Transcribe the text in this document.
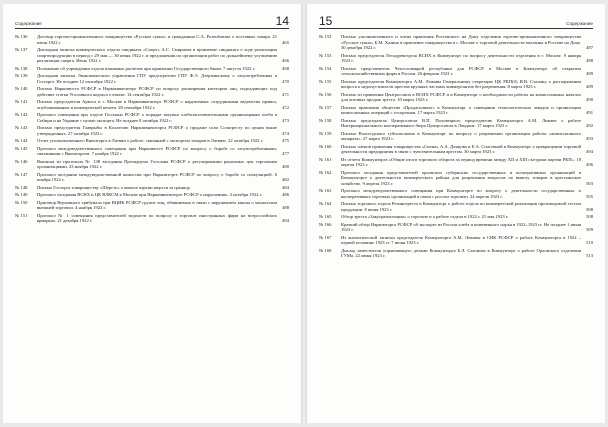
Содержание	14
№ 136	Договор торгово-промышленного товарищества «Русское сукно» и гражданина С.А. Розенблюма о поставках товара. 21 июля 1922 г.	465
№ 137	Докладная записка коммерческого отдела синдиката «Спорт» А.С. Смирнова в правление синдиката о ходе реализации спиртопродукции в период с 29 мая — 30 июня 1922 г. и предложения по организации работ по дальнейшему улучшению реализации спирта. Июль 1922 г.	466
№ 138	Положение об учреждении отдела взаимных расчетов при правлении Государственного банка. 7 августа 1922 г.	468
№ 139	Докладная записка Экономического управления ГПУ председателю ГПУ Ф.Э. Дзержинскому о злоупотреблениях в Госторге. Не позднее 12 сентября 1922 г.	470
№ 140	Письмо Наркомюста РСФСР в Наркомвнешторг РСФСР по вопросу расширения категории лиц, подпадающих под действие статьи Уголовного кодекса о взятке. 14 сентября 1922 г.	471
№ 141	Письмо председателя Аркоса в г. Москве в Наркомвнешторг РСФСР о нарушениях сотрудниками ведомства правил, опубликованных в коммерческой печати. 28 сентября 1922 г.	472
№ 142	Протокол совещания при отделе Госплана РСФСР о порядке закупки хлебозаготовительными организациями хлеба в Сибири и на Украине с целью экспорта. Не позднее 8 октября 1922 г.	473
№ 143	Письмо председателя Главрыбы в Коллегию Наркомвнешторга РСФСР о продаже соли Сольтресту по ценам выше утвержденных. 27 октября 1922 г.	474
№ 144	Отчет уполномоченного Внешторга в Латвии о работе, связанной с экспортом товаров в Латвию. 22 октября 1922 г.	475
№ 145	Протокол междуведомственного совещания при Наркомюсте РСФСР по вопросу о борьбе со злоупотреблениями, связанными с Внешторгом. 7 ноября 1922 г.	477
№ 146	Выписка из протокола № 138 заседания Президиума Госплана РСФСР о регулировании рыночных цен торговыми организациями. 23 ноября 1922 г.	480
№ 147	Протокол заседания междуведомственной комиссии при Наркомторге РСФСР по вопросу о борьбе со спекуляцией. 6 ноября 1922 г.	482
№ 148	Письмо Госторга товариществу «Шерсть» о вывозе партии шерсти за границу.	484
№ 149	Протокол заседания ВСНХ и ЦК ВЛКСМ в Москве при Наркомвнешторге РСФСР о нарушениях. 4 октября 1922 г.	486
№ 150	Приговор Верховного трибунала при ВЦИК РСФСР группе лиц, обвиняемых в связи с нарушением закона о монополии внешней торговли. 4 ноября 1922 г.	488
№ 151	Протокол № 1 совещания представителей ведомств по вопросу о торговле иностранных фирм на всероссийских ярмарках. 21 декабря 1922 г.	494
15	Содержание
№ 152	Письмо уполномоченного и члена правления Ростовского на Дону отделения торгово-промышленного товарищества «Русское сукно» Б.М. Хазина в правление товарищества в г. Москве о торговой деятельности магазина в Ростове на Дону. 30 декабря 1922 г.	487
№ 153	Письмо председателя Лесодревотдела ВСНХ в Коммунторг по вопросу деятельности отделения в г. Москве. 9 января 1923 г.	488
№ 154	Письмо представителя Чехословацкой республики для РСФСР в Москве в Коммунторг об открытии сельскохозяйственных фирм в России. 26 февраля 1923 г.	489
№ 155	Письмо председателя Коммунторга А.М. Лежавы Генеральному секретарю ЦК РКП(б) И.В. Сталину о распоряжении вопроса о недопустимости арестов крупных частных коммерсантов без разрешения. 8 марта 1923 г.	489
№ 156	Письмо из правления Центросоюза в ВСНХ РСФСР и в Коммунторг о необходимости работы на комиссионных началах для оптовых продаж треста. 10 марта 1923 г.	490
№ 157	Письмо правления общества «Продасиликат» в Коммунторг о совещании технологических заводов и организации комиссионных операций с госорганов. 17 марта 1923 г.	491
№ 158	Письмо председателя Центросоюза В.П. Половецкого председателю Коммунторга А.М. Лежаве о работе Интернационального кооперативного бюро Центросоюза в Лондоне. 17 марта 1923 г.	492
№ 159	Письмо Вологодского губисполкома в Коммунторг по вопросу о разрешении организации работы «комиссионного аппарата». 27 марта 1923 г.	493
№ 160	Письмо членов правления товарищества «Сигма» А.А. Донцова и Е.А. Спастиной в Коммунторг о прекращении торговой деятельности предприятия в связи с чувствительным арестом. 30 марта 1923 г.	494
№ 161	Из отчета Коммунторга «Общие итоги торгового оборота за период времени между XII и XIII съездами партии РКП». 18 апреля 1923 г.	496
№ 162	Протокол заседания представителей орловских губернских государственных и кооперативных организаций в Коммунторге о деятельности коммерческого района для разрешения вопросов по вывозу товаров в крестьянское хозяйство. 9 апреля 1923 г.	503
№ 163	Протокол междуведомственного совещания при Коммунторге по вопросу о деятельности государственных и кооперативных торговых организаций в связи с ростом торговли. 24 апреля 1923 г.	505
№ 164	Письмо торгового отдела Резинотреста в Коммунторг о работе отдела по коммерческой реализации производимой тестом продукции. 8 июня 1923 г.	508
№ 165	Обзор треста «Закупреализации» о торговле и о работе отдела в 1922 г. 21 мая 1923 г.	508
№ 166	Краткий обзор Наркомторга РСФСР об экспорте из России хлеба и кожевенного сырья в 1922–1923 гг. Не позднее 1 июня 1923 г.	509
№ 167	Из аналитической записки председателя Коммунторга А.М. Лежавы в СНК РСФСР о работе Коммунторга в 1922 – первой половине 1923 гг. 7 июня 1923 г.	510
№ 168	Доклад заместителя управляющего делами Коммунторга Б.Л. Сазонова в Коммунторг о работе Орловского отделения ГУМа. 22 июня 1923 г.	513
